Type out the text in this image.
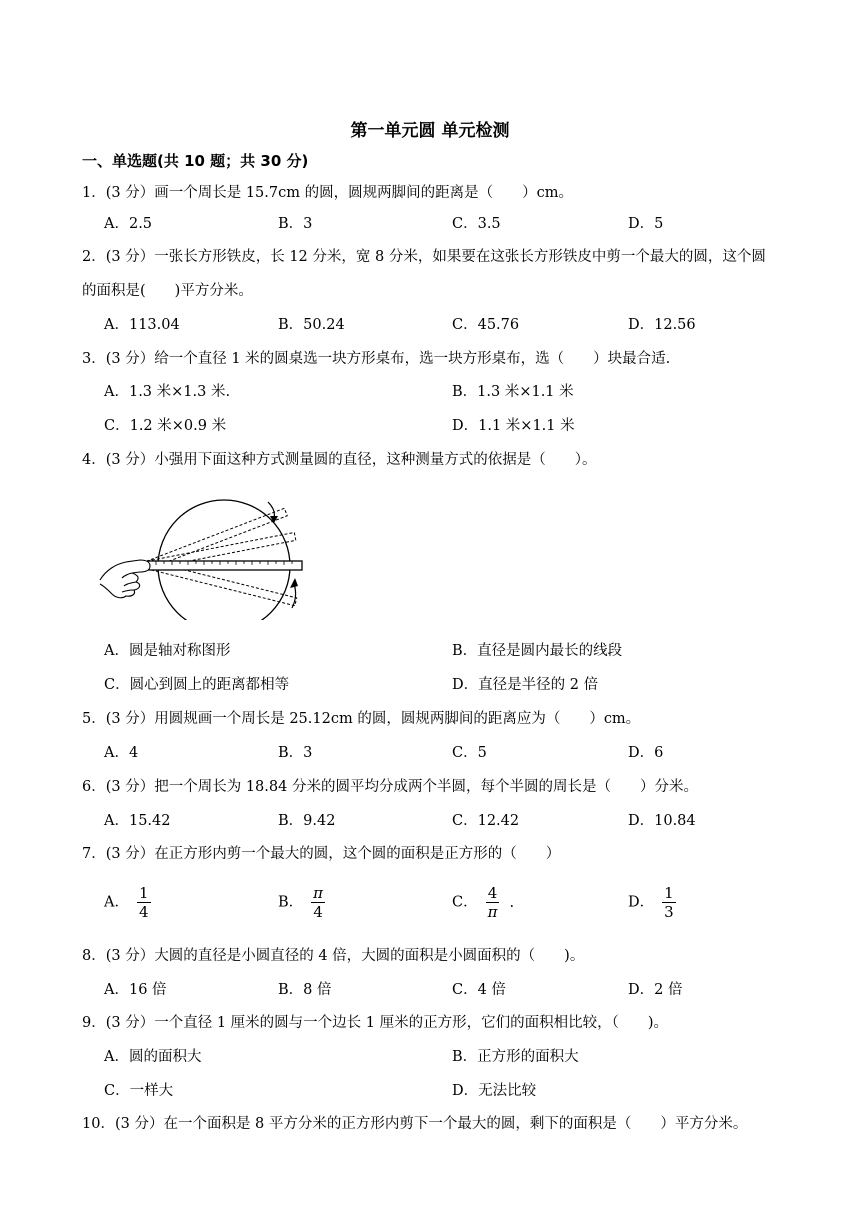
第一单元圆 单元检测
一、单选题(共 10 题；共 30 分)
1．(3 分）画一个周长是 15.7cm 的圆，圆规两脚间的距离是（　　）cm。
A．2.5	B．3	C．3.5	D．5
2．(3 分）一张长方形铁皮，长 12 分米，宽 8 分米，如果要在这张长方形铁皮中剪一个最大的圆，这个圆
的面积是(　　)平方分米。
A．113.04	B．50.24	C．45.76	D．12.56
3．(3 分）给一个直径 1 米的圆桌选一块方形桌布，选一块方形桌布，选（　　）块最合适.
A．1.3 米×1.3 米.	B．1.3 米×1.1 米
C．1.2 米×0.9 米	D．1.1 米×1.1 米
4．(3 分）小强用下面这种方式测量圆的直径，这种测量方式的依据是（　　）。
A．圆是轴对称图形	B．直径是圆内最长的线段
C．圆心到圆上的距离都相等	D．直径是半径的 2 倍
5．(3 分）用圆规画一个周长是 25.12cm 的圆，圆规两脚间的距离应为（　　）cm。
A．4	B．3	C．5	D．6
6．(3 分）把一个周长为 18.84 分米的圆平均分成两个半圆，每个半圆的周长是（　　）分米。
A．15.42	B．9.42	C．12.42	D．10.84
7．(3 分）在正方形内剪一个最大的圆，这个圆的面积是正方形的（　　）
A． $\frac{1}{4}$	B． $\frac{\pi}{4}$	C． $\frac{4}{\pi}$ .	D． $\frac{1}{3}$
8．(3 分）大圆的直径是小圆直径的 4 倍，大圆的面积是小圆面积的（　　)。
A．16 倍	B．8 倍	C．4 倍	D．2 倍
9．(3 分）一个直径 1 厘米的圆与一个边长 1 厘米的正方形，它们的面积相比较，（　　)。
A．圆的面积大	B．正方形的面积大
C．一样大	D．无法比较
10．(3 分）在一个面积是 8 平方分米的正方形内剪下一个最大的圆，剩下的面积是（　　）平方分米。
